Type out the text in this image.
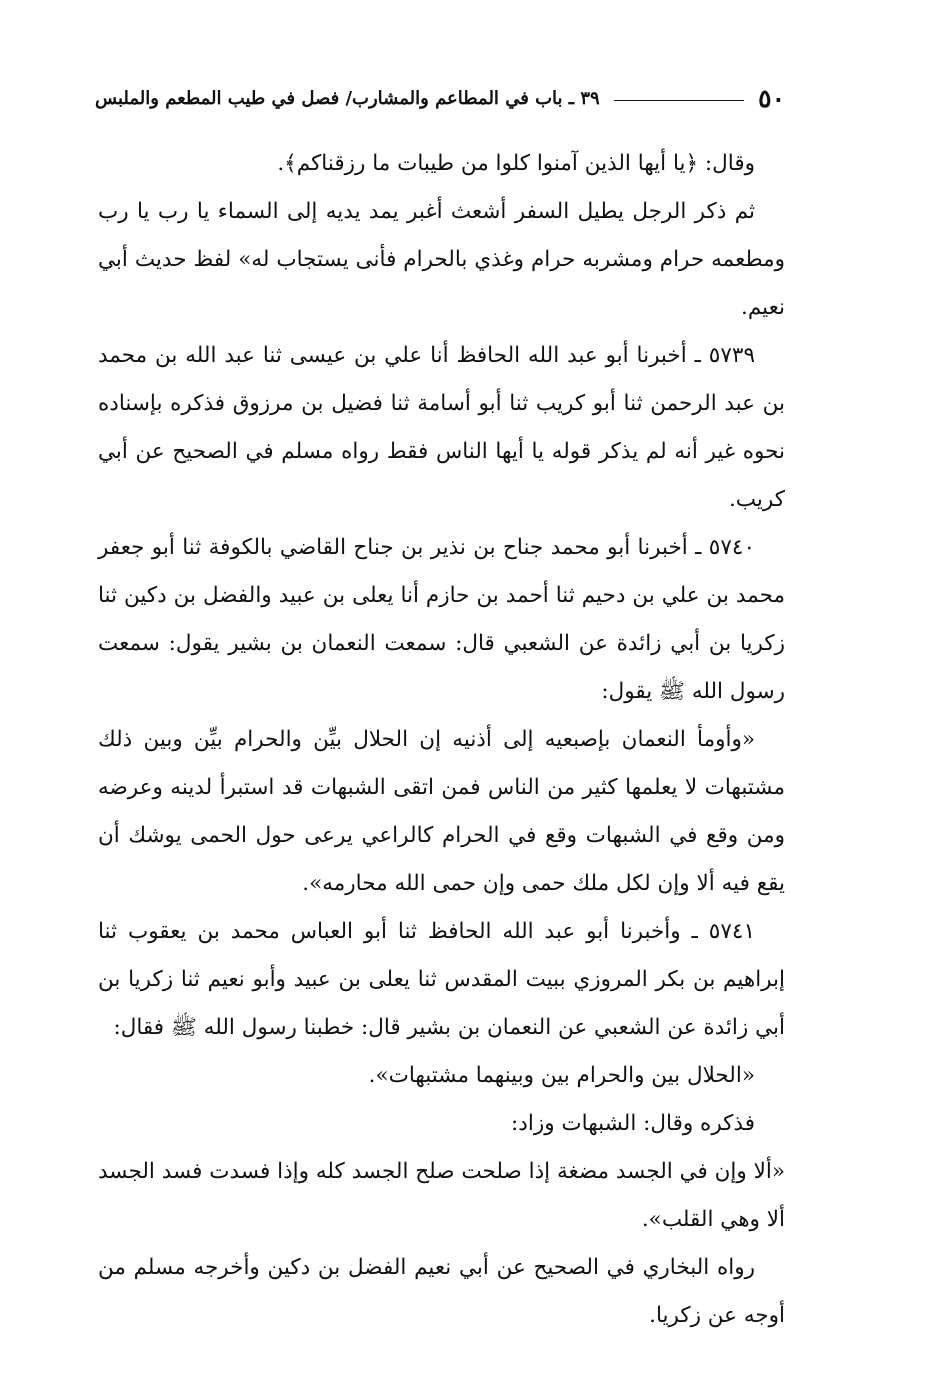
٥٠
٣٩ ـ باب في المطاعم والمشارب/ فصل في طيب المطعم والملبس

وقال: ﴿يا أيها الذين آمنوا كلوا من طيبات ما رزقناكم﴾.

ثم ذكر الرجل يطيل السفر أشعث أغبر يمد يديه إلى السماء يا رب يا رب ومطعمه حرام ومشربه حرام وغذي بالحرام فأنى يستجاب له» لفظ حديث أبي نعيم.

٥٧٣٩ ـ أخبرنا أبو عبد الله الحافظ أنا علي بن عيسى ثنا عبد الله بن محمد بن عبد الرحمن ثنا أبو كريب ثنا أبو أسامة ثنا فضيل بن مرزوق فذكره بإسناده نحوه غير أنه لم يذكر قوله يا أيها الناس فقط رواه مسلم في الصحيح عن أبي كريب.

٥٧٤٠ ـ أخبرنا أبو محمد جناح بن نذير بن جناح القاضي بالكوفة ثنا أبو جعفر محمد بن علي بن دحيم ثنا أحمد بن حازم أنا يعلى بن عبيد والفضل بن دكين ثنا زكريا بن أبي زائدة عن الشعبي قال: سمعت النعمان بن بشير يقول: سمعت رسول الله ﷺ يقول:

«وأومأ النعمان بإصبعيه إلى أذنيه إن الحلال بيِّن والحرام بيِّن وبين ذلك مشتبهات لا يعلمها كثير من الناس فمن اتقى الشبهات قد استبرأ لدينه وعرضه ومن وقع في الشبهات وقع في الحرام كالراعي يرعى حول الحمى يوشك أن يقع فيه ألا وإن لكل ملك حمى وإن حمى الله محارمه».

٥٧٤١ ـ وأخبرنا أبو عبد الله الحافظ ثنا أبو العباس محمد بن يعقوب ثنا إبراهيم بن بكر المروزي ببيت المقدس ثنا يعلى بن عبيد وأبو نعيم ثنا زكريا بن أبي زائدة عن الشعبي عن النعمان بن بشير قال: خطبنا رسول الله ﷺ فقال:

«الحلال بين والحرام بين وبينهما مشتبهات».

فذكره وقال: الشبهات وزاد:

«ألا وإن في الجسد مضغة إذا صلحت صلح الجسد كله وإذا فسدت فسد الجسد ألا وهي القلب».

رواه البخاري في الصحيح عن أبي نعيم الفضل بن دكين وأخرجه مسلم من أوجه عن زكريا.
